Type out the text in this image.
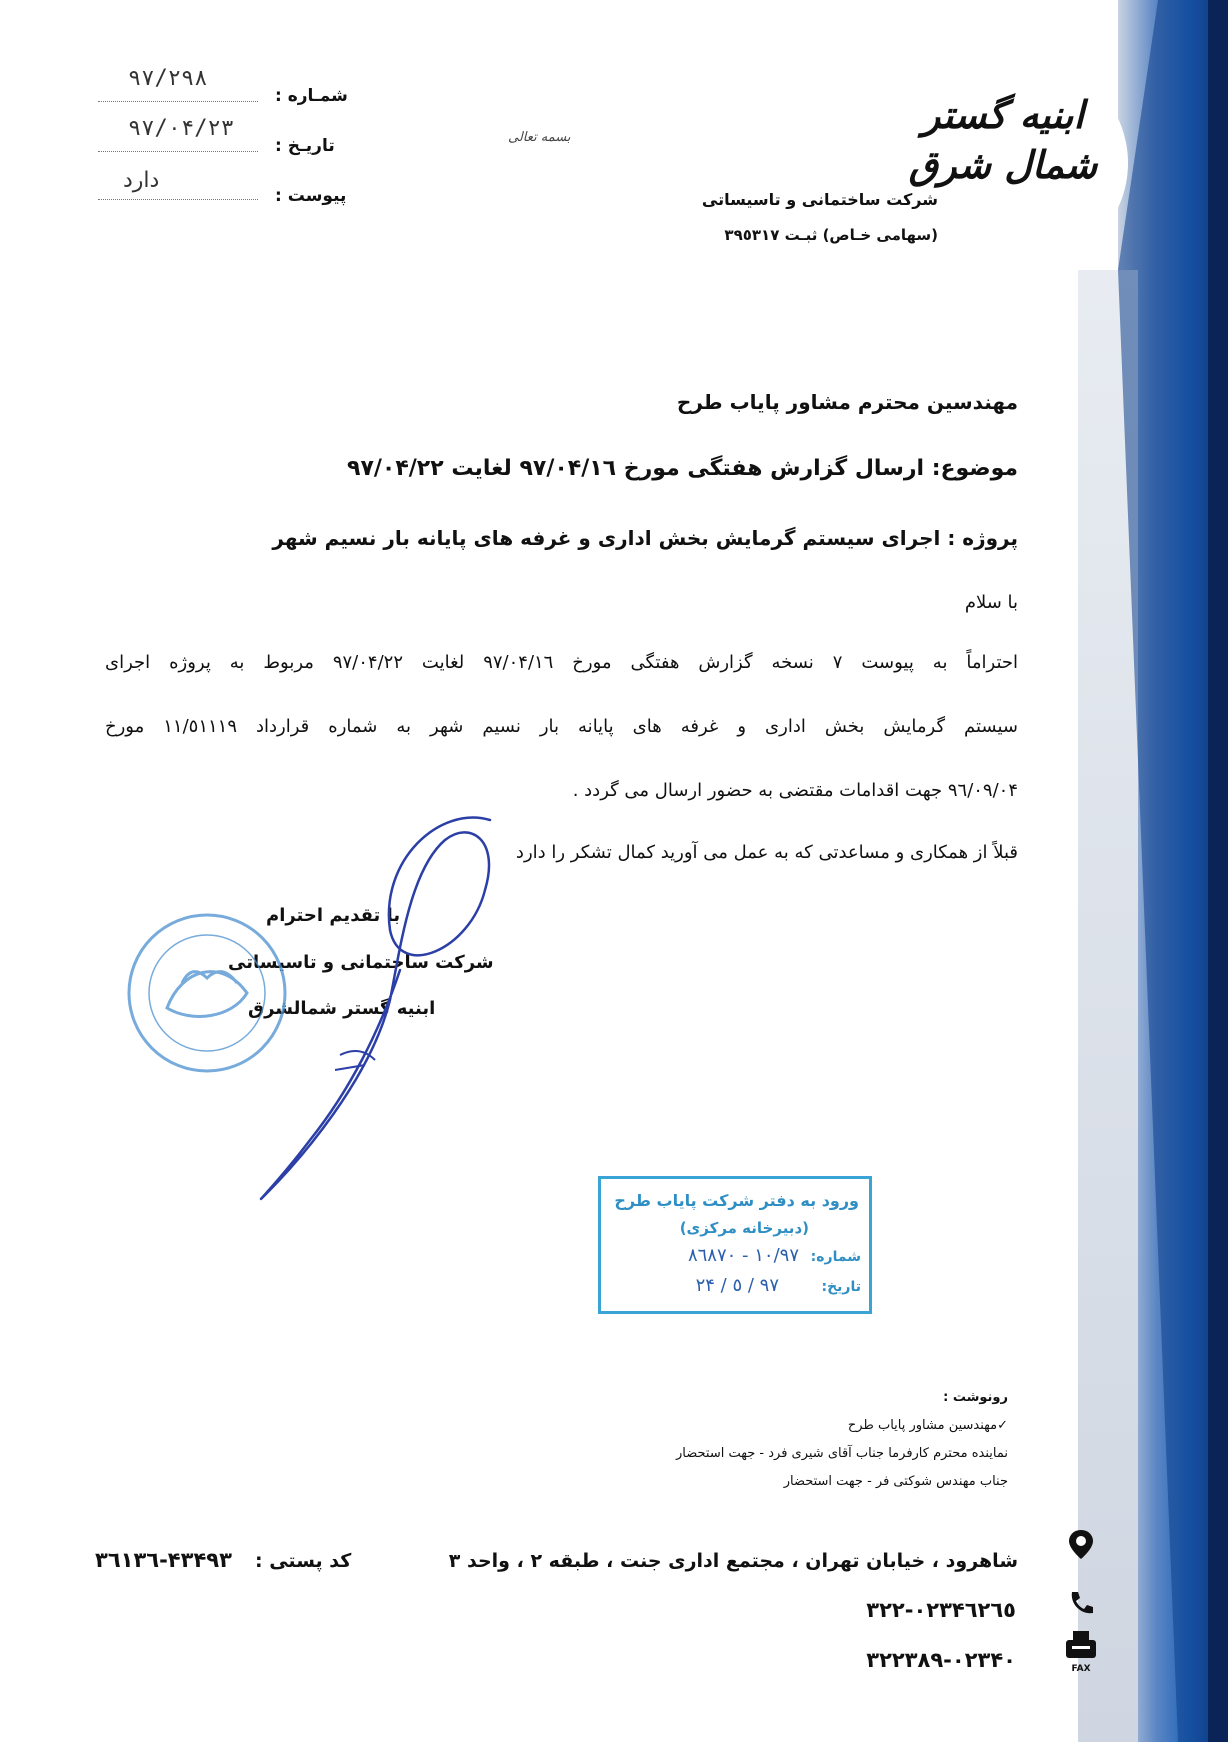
ابنیه گستر شمال شرق
شرکت ساختمانی و تاسیساتی
(سهامی خـاص) ثبـت ٣٩٥٣١٧
بسمه تعالی
شمـاره :
٩٧/٢٩٨
تاریـخ :
٩٧/٠۴/٢٣
پیوست :
دارد
مهندسین محترم مشاور پایاب طرح
موضوع: ارسال گزارش هفتگی مورخ ٩٧/٠۴/١٦ لغایت ٩٧/٠۴/٢٢
پروژه : اجرای سیستم گرمایش بخش اداری و غرفه های پایانه بار نسیم شهر
با سلام
احتراماً به پیوست ٧ نسخه گزارش هفتگی مورخ ٩٧/٠۴/١٦ لغایت ٩٧/٠۴/٢٢ مربوط به پروژه اجرای
سیستم گرمایش بخش اداری و غرفه های پایانه بار نسیم شهر به شماره قرارداد ١١/٥١١١٩ مورخ
٩٦/٠٩/٠۴ جهت اقدامات مقتضی به حضور ارسال می گردد .
قبلاً از همکاری و مساعدتی که به عمل می آورید کمال تشکر را دارد
با تقدیم احترام
شرکت ساختمانی و تاسیساتی
ابنیه گستر شمالشرق
ورود به دفتر شرکت پایاب طرح
(دبیرخانه مرکزی)
شماره:
١٠/٩٧ - ٨٦٨٧٠
تاریخ:
٩٧ / ٥ / ٢۴
رونوشت :
✓مهندسین مشاور پایاب طرح
نماینده محترم کارفرما جناب آقای شیری فرد - جهت استحضار
جناب مهندس شوکتی فر - جهت استحضار
شاهرود ، خیابان تهران ، مجتمع اداری جنت ، طبقه ٢ ، واحد ٣
کد پستی :
٣٦١٣٦-۴٣۴٩٣
٠٢٣-٣٢٢۴٦٢٦٥
٠٢٣-٣٢٢٣٨٩۴٠	FAX
